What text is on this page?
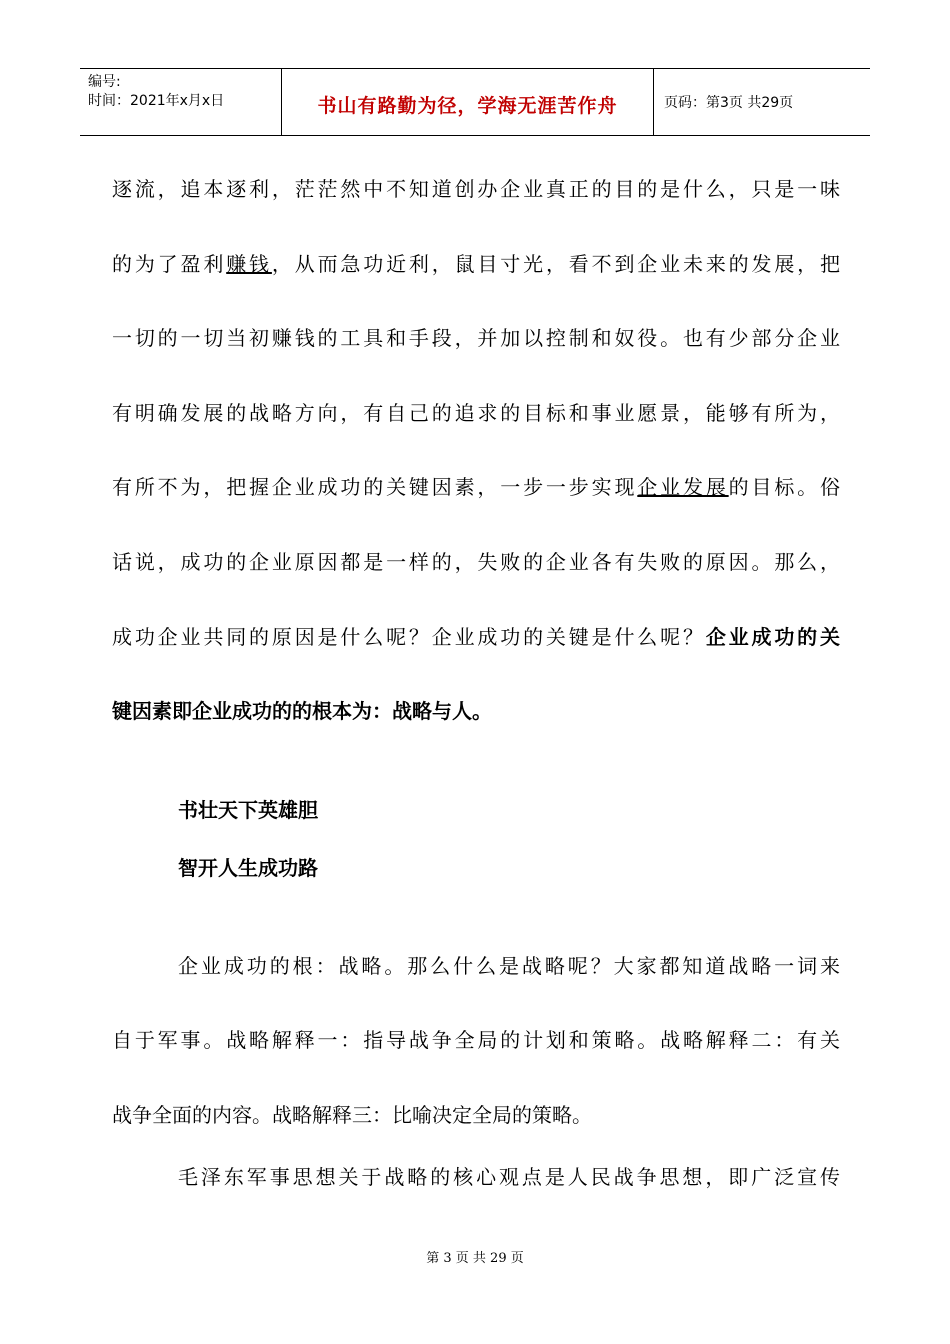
编号:
时间：2021年x月x日	书山有路勤为径，学海无涯苦作舟	页码：第3页 共29页
逐流，追本逐利，茫茫然中不知道创办企业真正的目的是什么，只是一味
的为了盈利赚钱，从而急功近利，鼠目寸光，看不到企业未来的发展，把
一切的一切当初赚钱的工具和手段，并加以控制和奴役。也有少部分企业
有明确发展的战略方向，有自己的追求的目标和事业愿景，能够有所为，
有所不为，把握企业成功的关键因素，一步一步实现企业发展的目标。俗
话说，成功的企业原因都是一样的，失败的企业各有失败的原因。那么，
成功企业共同的原因是什么呢？企业成功的关键是什么呢？企业成功的关
键因素即企业成功的的根本为：战略与人。
书壮天下英雄胆
智开人生成功路
企业成功的根：战略。那么什么是战略呢？大家都知道战略一词来
自于军事。战略解释一：指导战争全局的计划和策略。战略解释二：有关
战争全面的内容。战略解释三：比喻决定全局的策略。
毛泽东军事思想关于战略的核心观点是人民战争思想，即广泛宣传
第 3 页 共 29 页
